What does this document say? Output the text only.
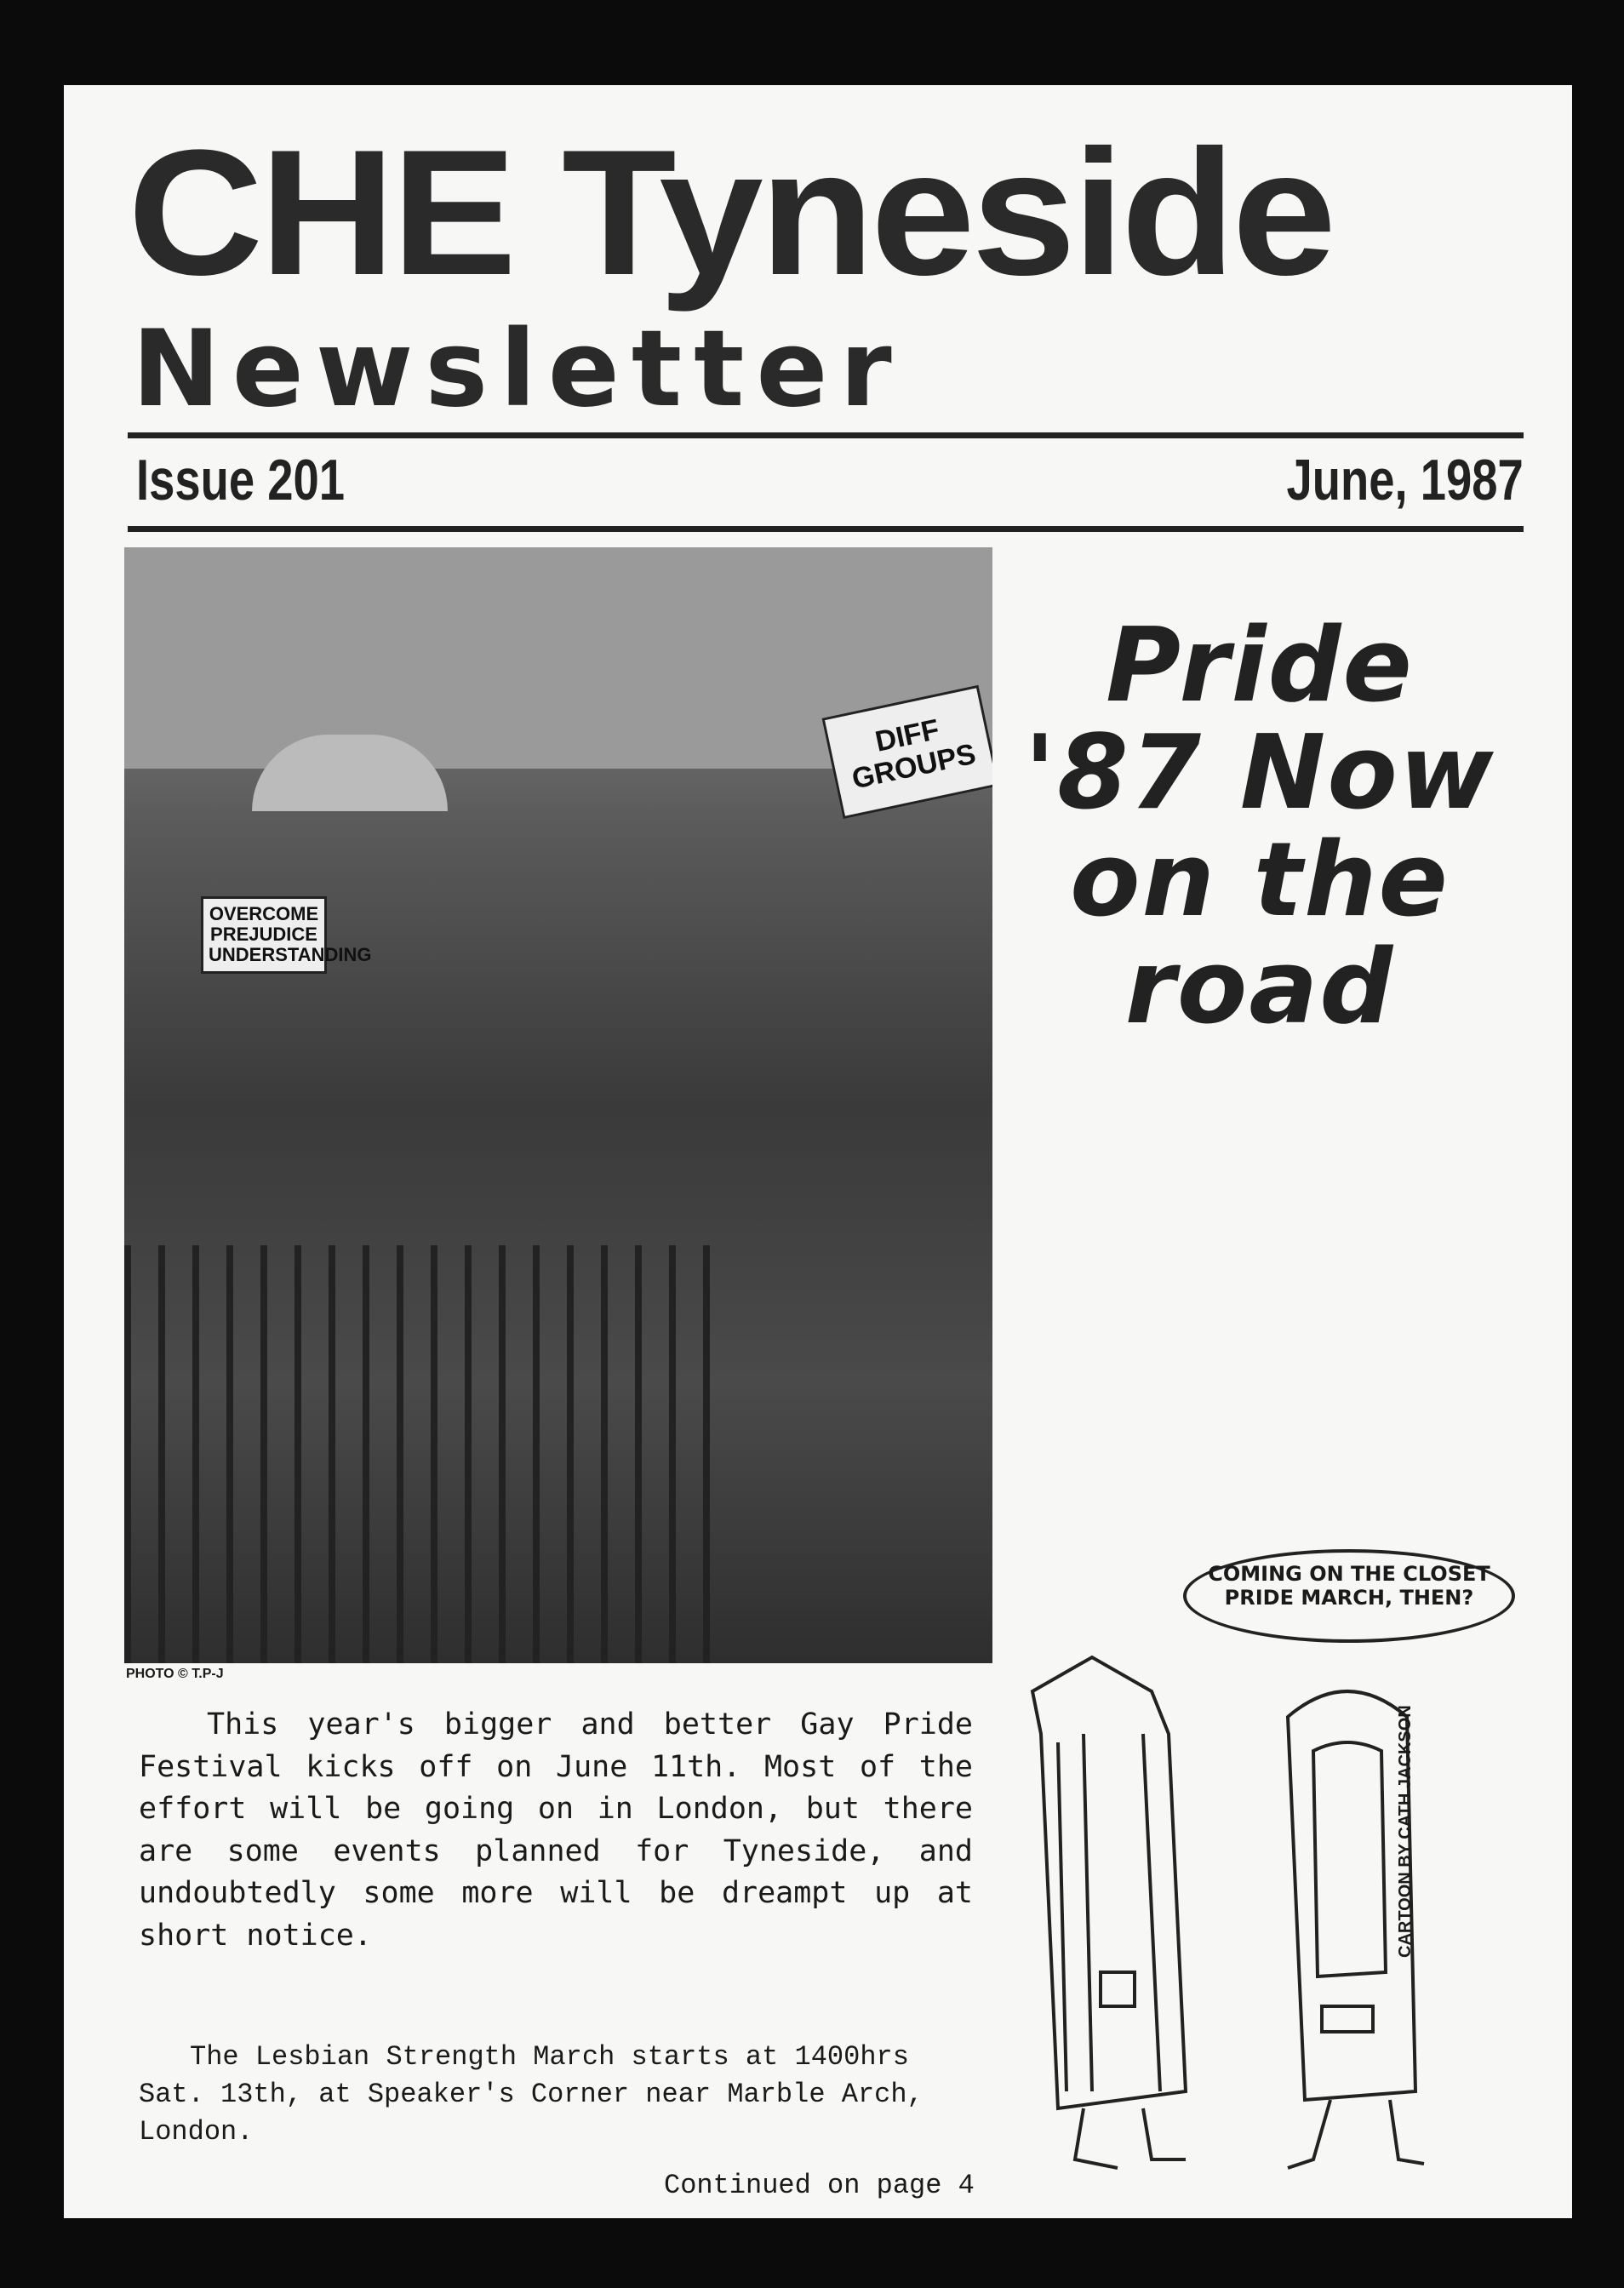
CHE Tyneside
Newsletter
Issue 201	June, 1987
OVERCOME PREJUDICE UNDERSTANDING
DIFF GROUPS
PHOTO © T.P-J
Pride '87 Now on the road
This year's bigger and better Gay Pride Festival kicks off on June 11th. Most of the effort will be going on in London, but there are some events planned for Tyneside, and undoubtedly some more will be dreampt up at short notice.
The Lesbian Strength March starts at 1400hrs Sat. 13th, at Speaker's Corner near Marble Arch, London.
Continued on page 4
COMING ON THE CLOSET PRIDE MARCH, THEN?
CARTOON BY CATH JACKSON
